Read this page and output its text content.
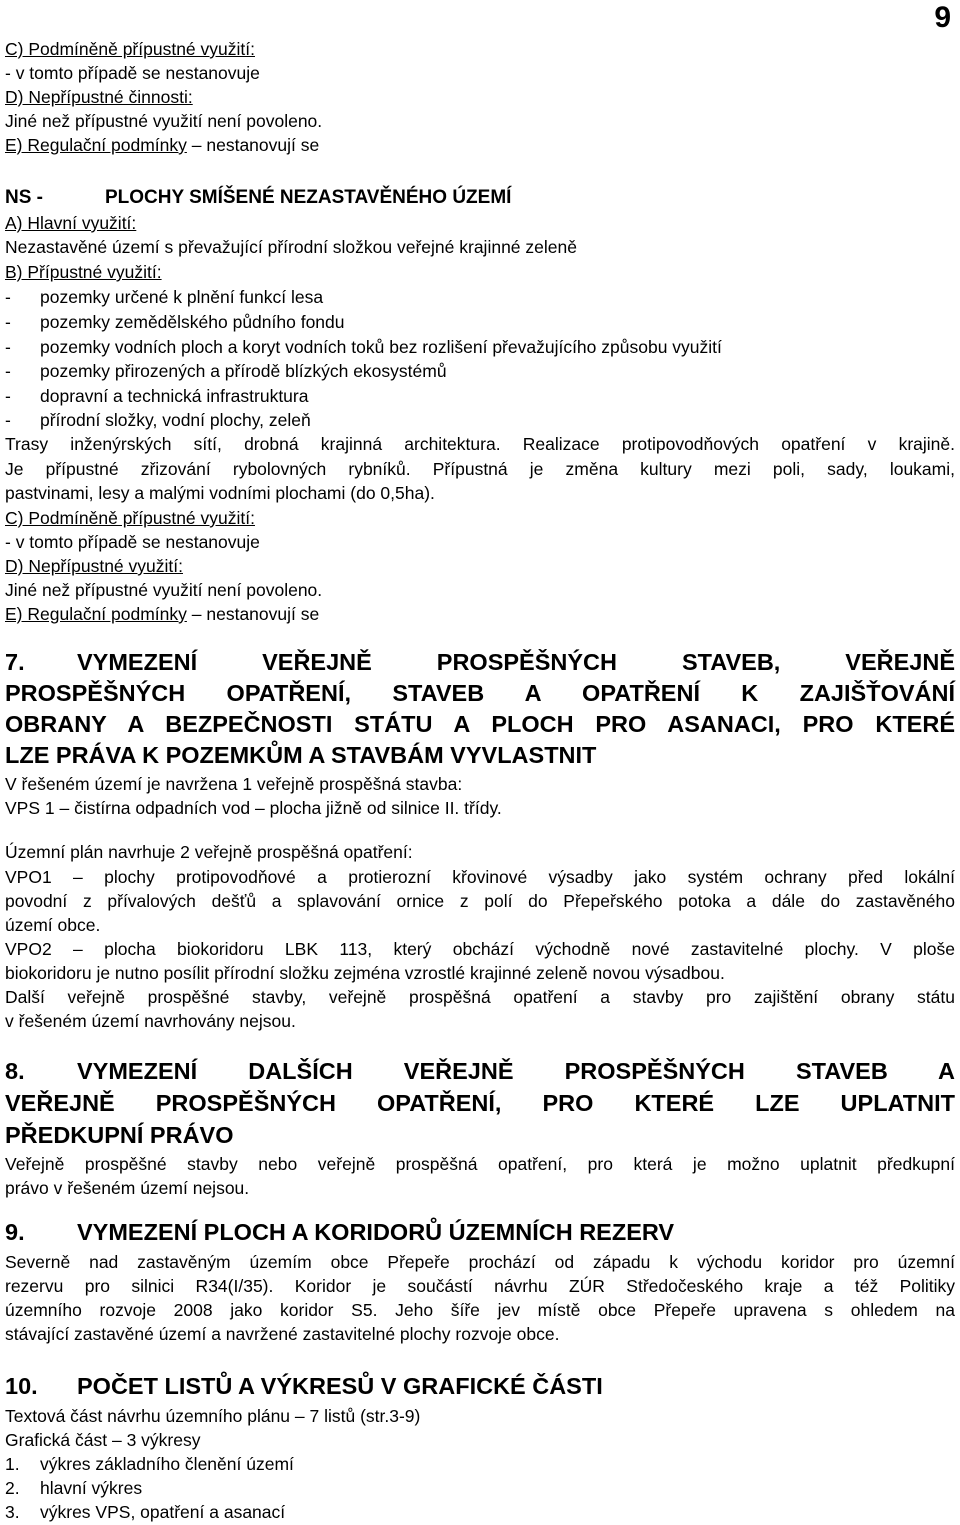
9
C) Podmíněně přípustné využití:
- v tomto případě se nestanovuje
D) Nepřípustné činnosti:
Jiné než přípustné využití není povoleno.
E) Regulační podmínky – nestanovují se
NS -	PLOCHY SMÍŠENÉ NEZASTAVĚNÉHO ÚZEMÍ
A) Hlavní využití:
Nezastavěné území s převažující přírodní složkou veřejné krajinné zeleně
B) Přípustné využití:
- pozemky určené k plnění funkcí lesa
- pozemky zemědělského půdního fondu
- pozemky vodních ploch a koryt vodních toků bez rozlišení převažujícího způsobu využití
- pozemky přirozených a přírodě blízkých ekosystémů
- dopravní a technická infrastruktura
- přírodní složky, vodní plochy, zeleň
Trasy inženýrských sítí, drobná krajinná architektura. Realizace protipovodňových opatření v krajině.
Je přípustné zřizování rybolovných rybníků. Přípustná je změna kultury mezi poli, sady, loukami,
pastvinami, lesy a malými vodními plochami (do 0,5ha).
C) Podmíněně přípustné využití:
- v tomto případě se nestanovuje
D) Nepřípustné využití:
Jiné než přípustné využití není povoleno.
E) Regulační podmínky – nestanovují se
7.	VYMEZENÍ VEŘEJNĚ PROSPĚŠNÝCH STAVEB, VEŘEJNĚ
PROSPĚŠNÝCH OPATŘENÍ, STAVEB A OPATŘENÍ K ZAJIŠŤOVÁNÍ
OBRANY A BEZPEČNOSTI STÁTU A PLOCH PRO ASANACI, PRO KTERÉ
LZE PRÁVA K POZEMKŮM A STAVBÁM VYVLASTNIT
V řešeném území je navržena 1 veřejně prospěšná stavba:
VPS 1 – čistírna odpadních vod – plocha jižně od silnice II. třídy.
Územní plán navrhuje 2 veřejně prospěšná opatření:
VPO1 – plochy protipovodňové a protierozní křovinové výsadby jako systém ochrany před lokální
povodní z přívalových dešťů a splavování ornice z polí do Přepeřského potoka a dále do zastavěného
území obce.
VPO2 – plocha biokoridoru LBK 113, který obchází východně nové zastavitelné plochy. V ploše
biokoridoru je nutno posílit přírodní složku zejména vzrostlé krajinné zeleně novou výsadbou.
Další veřejně prospěšné stavby, veřejně prospěšná opatření a stavby pro zajištění obrany státu
v řešeném území navrhovány nejsou.
8.	VYMEZENÍ DALŠÍCH VEŘEJNĚ PROSPĚŠNÝCH STAVEB A
VEŘEJNĚ PROSPĚŠNÝCH OPATŘENÍ, PRO KTERÉ LZE UPLATNIT
PŘEDKUPNÍ PRÁVO
Veřejně prospěšné stavby nebo veřejně prospěšná opatření, pro která je možno uplatnit předkupní
právo v řešeném území nejsou.
9. VYMEZENÍ PLOCH A KORIDORŮ ÚZEMNÍCH REZERV
Severně nad zastavěným územím obce Přepeře prochází od západu k východu koridor pro územní
rezervu pro silnici R34(I/35). Koridor je součástí návrhu ZÚR Středočeského kraje a též Politiky
územního rozvoje 2008 jako koridor S5. Jeho šíře jev místě obce Přepeře upravena s ohledem na
stávající zastavěné území a navržené zastavitelné plochy rozvoje obce.
10. POČET LISTŮ A VÝKRESŮ V GRAFICKÉ ČÁSTI
Textová část návrhu územního plánu – 7 listů (str.3-9)
Grafická část – 3 výkresy
1. výkres základního členění území
2. hlavní výkres
3. výkres VPS, opatření a asanací
